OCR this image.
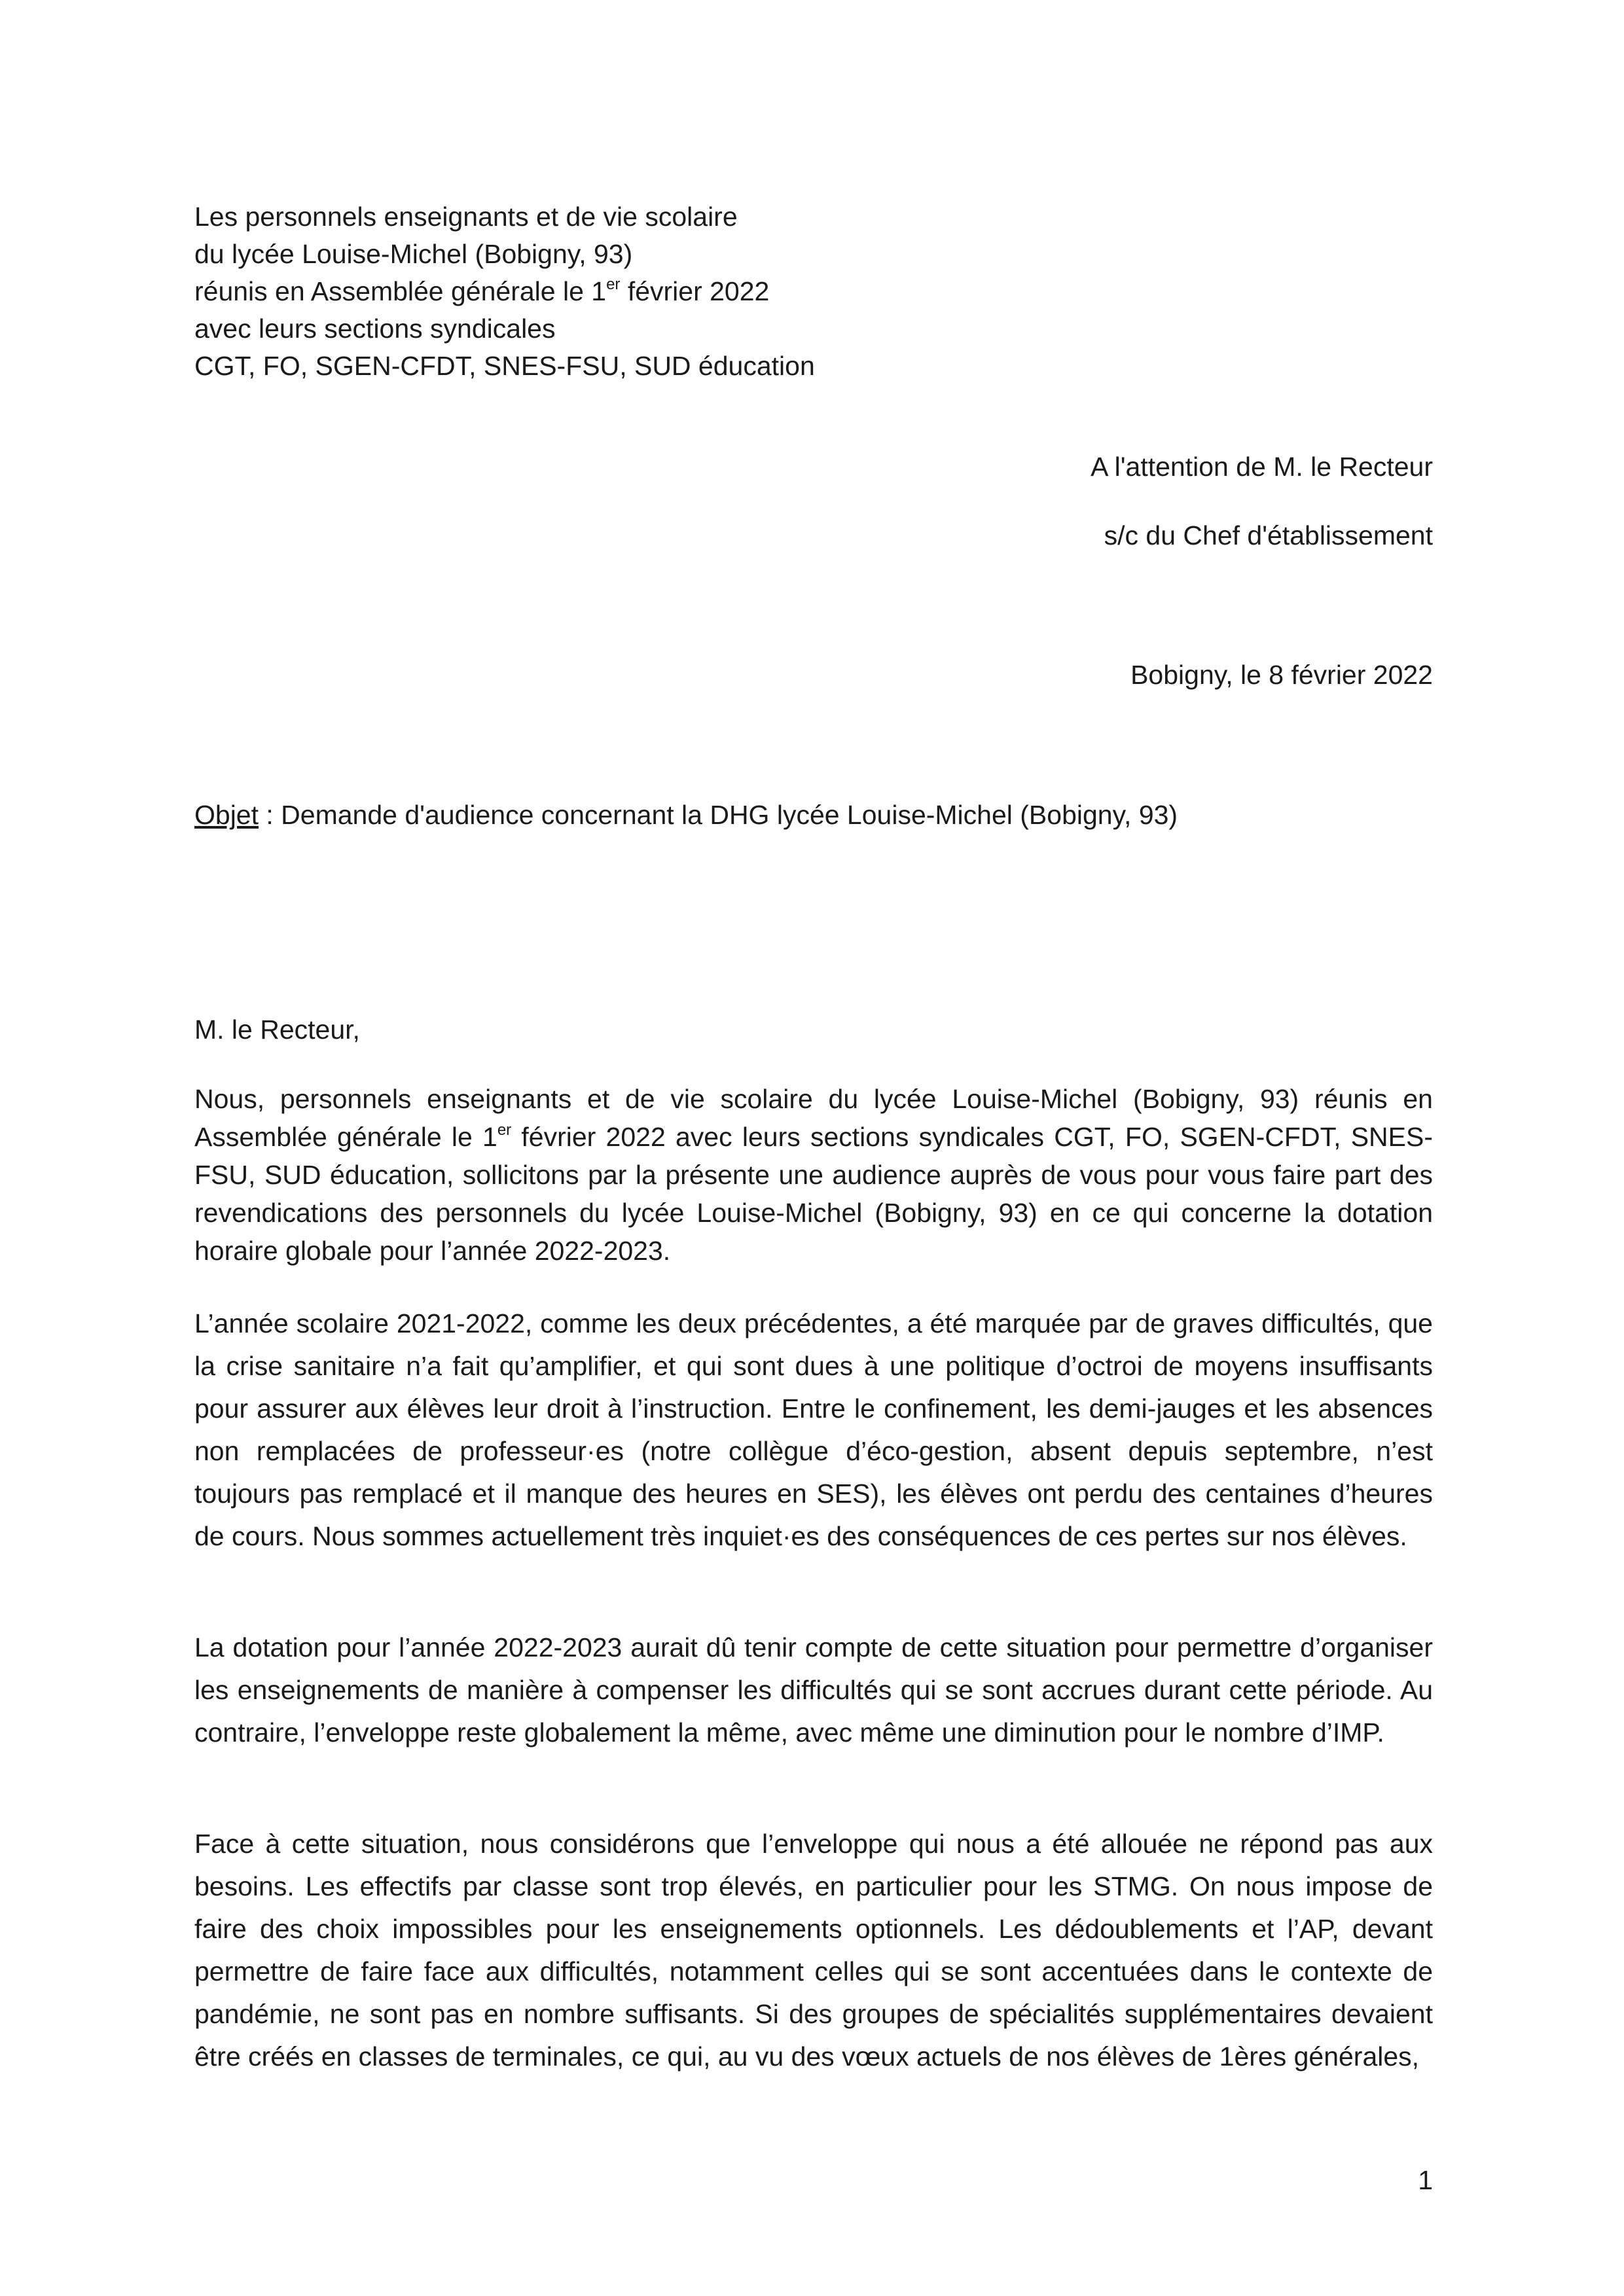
Les personnels enseignants et de vie scolaire
du lycée Louise-Michel (Bobigny, 93)
réunis en Assemblée générale le 1er février 2022
avec leurs sections syndicales
CGT, FO, SGEN-CFDT, SNES-FSU, SUD éducation
A l'attention de M. le Recteur
s/c du Chef d'établissement
Bobigny, le 8 février 2022
Objet : Demande d'audience concernant la DHG lycée Louise-Michel (Bobigny, 93)
M. le Recteur,

Nous, personnels enseignants et de vie scolaire du lycée Louise-Michel (Bobigny, 93) réunis en Assemblée générale le 1er février 2022 avec leurs sections syndicales CGT, FO, SGEN-CFDT, SNES-FSU, SUD éducation, sollicitons par la présente une audience auprès de vous pour vous faire part des revendications des personnels du lycée Louise-Michel (Bobigny, 93) en ce qui concerne la dotation horaire globale pour l’année 2022-2023.

L’année scolaire 2021-2022, comme les deux précédentes, a été marquée par de graves difficultés, que la crise sanitaire n’a fait qu’amplifier, et qui sont dues à une politique d’octroi de moyens insuffisants pour assurer aux élèves leur droit à l’instruction. Entre le confinement, les demi-jauges et les absences non remplacées de professeur·es (notre collègue d’éco-gestion, absent depuis septembre, n’est toujours pas remplacé et il manque des heures en SES), les élèves ont perdu des centaines d’heures de cours. Nous sommes actuellement très inquiet·es des conséquences de ces pertes sur nos élèves.

La dotation pour l’année 2022-2023 aurait dû tenir compte de cette situation pour permettre d’organiser les enseignements de manière à compenser les difficultés qui se sont accrues durant cette période. Au contraire, l’enveloppe reste globalement la même, avec même une diminution pour le nombre d’IMP.

Face à cette situation, nous considérons que l’enveloppe qui nous a été allouée ne répond pas aux besoins. Les effectifs par classe sont trop élevés, en particulier pour les STMG. On nous impose de faire des choix impossibles pour les enseignements optionnels. Les dédoublements et l’AP, devant permettre de faire face aux difficultés, notamment celles qui se sont accentuées dans le contexte de pandémie, ne sont pas en nombre suffisants. Si des groupes de spécialités supplémentaires devaient être créés en classes de terminales, ce qui, au vu des vœux actuels de nos élèves de 1ères générales,

1
